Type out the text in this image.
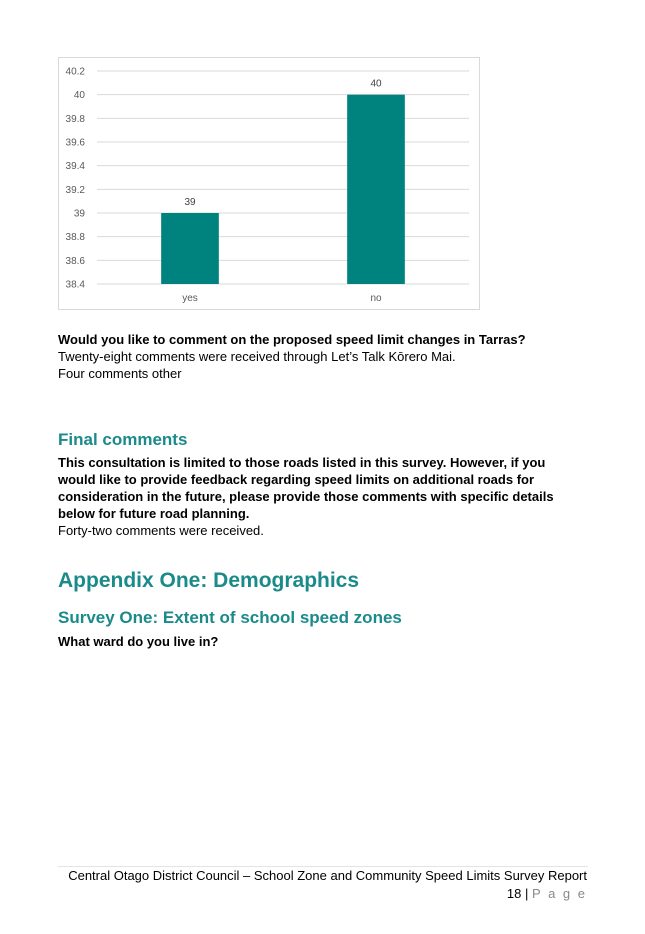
38.4
38.6
38.8
39
39.2
39.4
39.6
39.8
40
40.2
39
yes
40
no
Would you like to comment on the proposed speed limit changes in Tarras?
Twenty-eight comments were received through Let’s Talk Kōrero Mai.
Four comments other
Final comments
This consultation is limited to those roads listed in this survey. However, if you
would like to provide feedback regarding speed limits on additional roads for
consideration in the future, please provide those comments with specific details
below for future road planning.
Forty-two comments were received.
Appendix One: Demographics
Survey One: Extent of school speed zones
What ward do you live in?
Central Otago District Council – School Zone and Community Speed Limits Survey Report
18 | P a g e
